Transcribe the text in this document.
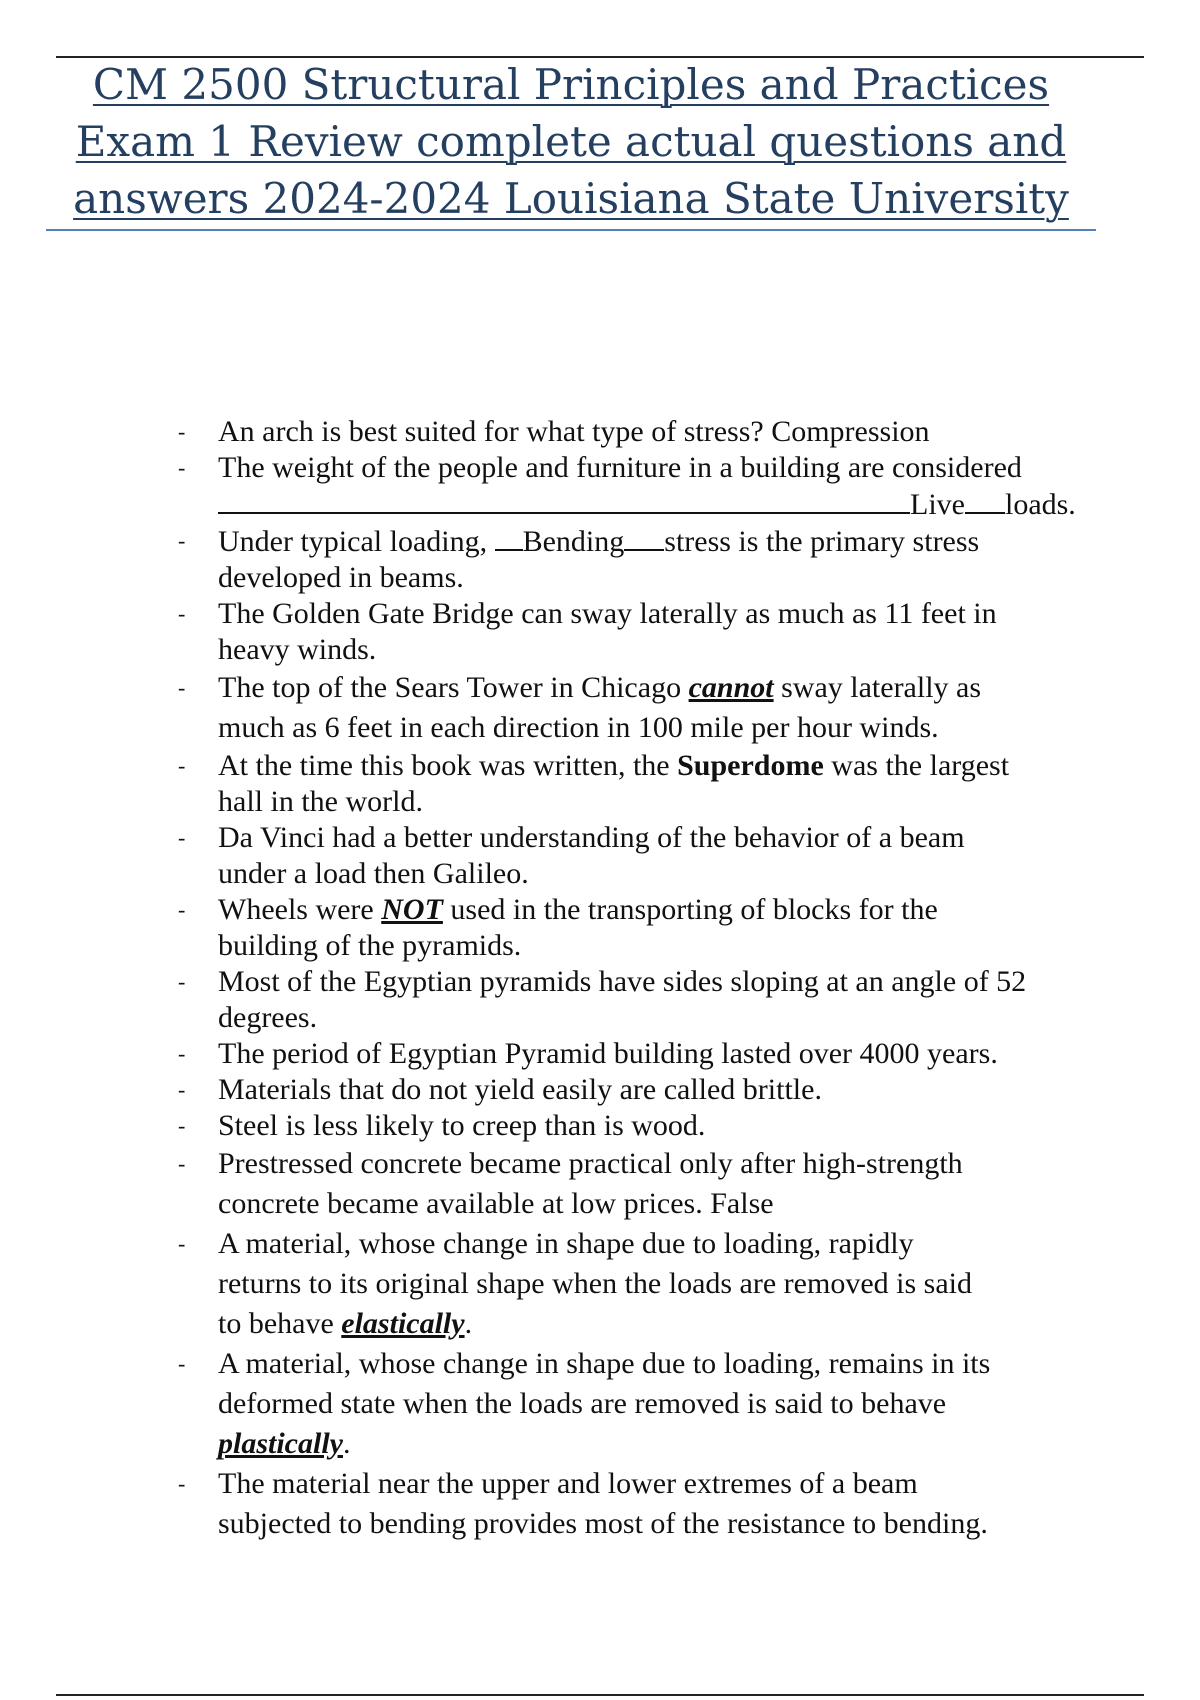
CM 2500 Structural Principles and Practices
Exam 1 Review complete actual questions and
answers 2024-2024 Louisiana State University
- An arch is best suited for what type of stress? Compression
- The weight of the people and furniture in a building are considered
Live loads.
- Under typical loading, Bending stress is the primary stress
developed in beams.
- The Golden Gate Bridge can sway laterally as much as 11 feet in
heavy winds.
- The top of the Sears Tower in Chicago cannot sway laterally as
much as 6 feet in each direction in 100 mile per hour winds.
- At the time this book was written, the Superdome was the largest
hall in the world.
- Da Vinci had a better understanding of the behavior of a beam
under a load then Galileo.
- Wheels were NOT used in the transporting of blocks for the
building of the pyramids.
- Most of the Egyptian pyramids have sides sloping at an angle of 52
degrees.
- The period of Egyptian Pyramid building lasted over 4000 years.
- Materials that do not yield easily are called brittle.
- Steel is less likely to creep than is wood.
- Prestressed concrete became practical only after high-strength
concrete became available at low prices. False
- A material, whose change in shape due to loading, rapidly
returns to its original shape when the loads are removed is said
to behave elastically.
- A material, whose change in shape due to loading, remains in its
deformed state when the loads are removed is said to behave
plastically.
- The material near the upper and lower extremes of a beam
subjected to bending provides most of the resistance to bending.
